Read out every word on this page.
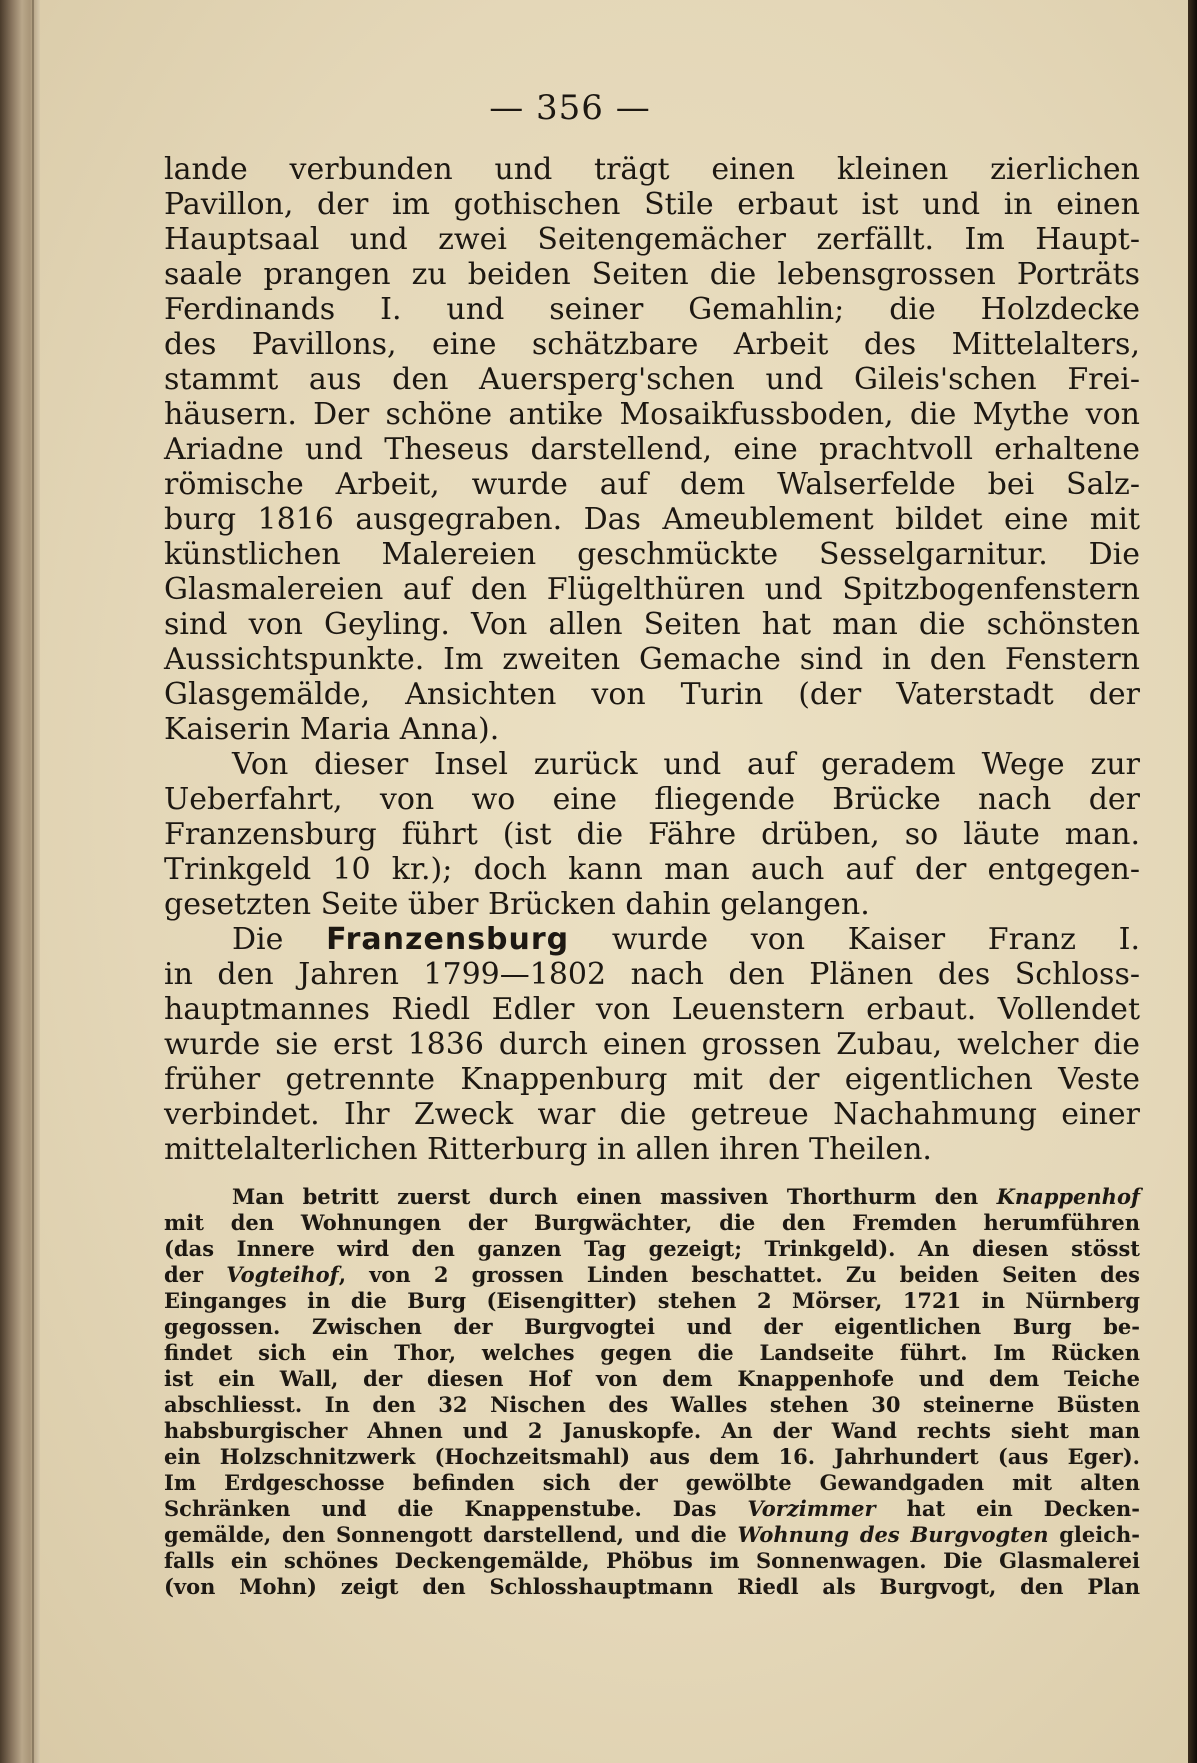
— 356 —
lande verbunden und trägt einen kleinen zierlichen
Pavillon, der im gothischen Stile erbaut ist und in einen
Hauptsaal und zwei Seitengemächer zerfällt. Im Haupt-
saale prangen zu beiden Seiten die lebensgrossen Porträts
Ferdinands I. und seiner Gemahlin; die Holzdecke
des Pavillons, eine schätzbare Arbeit des Mittelalters,
stammt aus den Auersperg'schen und Gileis'schen Frei-
häusern. Der schöne antike Mosaikfussboden, die Mythe von
Ariadne und Theseus darstellend, eine prachtvoll erhaltene
römische Arbeit, wurde auf dem Walserfelde bei Salz-
burg 1816 ausgegraben. Das Ameublement bildet eine mit
künstlichen Malereien geschmückte Sesselgarnitur. Die
Glasmalereien auf den Flügelthüren und Spitzbogenfenstern
sind von Geyling. Von allen Seiten hat man die schönsten
Aussichtspunkte. Im zweiten Gemache sind in den Fenstern
Glasgemälde, Ansichten von Turin (der Vaterstadt der
Kaiserin Maria Anna).
Von dieser Insel zurück und auf geradem Wege zur
Ueberfahrt, von wo eine fliegende Brücke nach der
Franzensburg führt (ist die Fähre drüben, so läute man.
Trinkgeld 10 kr.); doch kann man auch auf der entgegen-
gesetzten Seite über Brücken dahin gelangen.
Die Franzensburg wurde von Kaiser Franz I.
in den Jahren 1799—1802 nach den Plänen des Schloss-
hauptmannes Riedl Edler von Leuenstern erbaut. Vollendet
wurde sie erst 1836 durch einen grossen Zubau, welcher die
früher getrennte Knappenburg mit der eigentlichen Veste
verbindet. Ihr Zweck war die getreue Nachahmung einer
mittelalterlichen Ritterburg in allen ihren Theilen.
Man betritt zuerst durch einen massiven Thorthurm den Knappenhof
mit den Wohnungen der Burgwächter, die den Fremden herumführen
(das Innere wird den ganzen Tag gezeigt; Trinkgeld). An diesen stösst
der Vogteihof, von 2 grossen Linden beschattet. Zu beiden Seiten des
Einganges in die Burg (Eisengitter) stehen 2 Mörser, 1721 in Nürnberg
gegossen. Zwischen der Burgvogtei und der eigentlichen Burg be-
findet sich ein Thor, welches gegen die Landseite führt. Im Rücken
ist ein Wall, der diesen Hof von dem Knappenhofe und dem Teiche
abschliesst. In den 32 Nischen des Walles stehen 30 steinerne Büsten
habsburgischer Ahnen und 2 Januskopfe. An der Wand rechts sieht man
ein Holzschnitzwerk (Hochzeitsmahl) aus dem 16. Jahrhundert (aus Eger).
Im Erdgeschosse befinden sich der gewölbte Gewandgaden mit alten
Schränken und die Knappenstube. Das Vorzimmer hat ein Decken-
gemälde, den Sonnengott darstellend, und die Wohnung des Burgvogten gleich-
falls ein schönes Deckengemälde, Phöbus im Sonnenwagen. Die Glasmalerei
(von Mohn) zeigt den Schlosshauptmann Riedl als Burgvogt, den Plan
